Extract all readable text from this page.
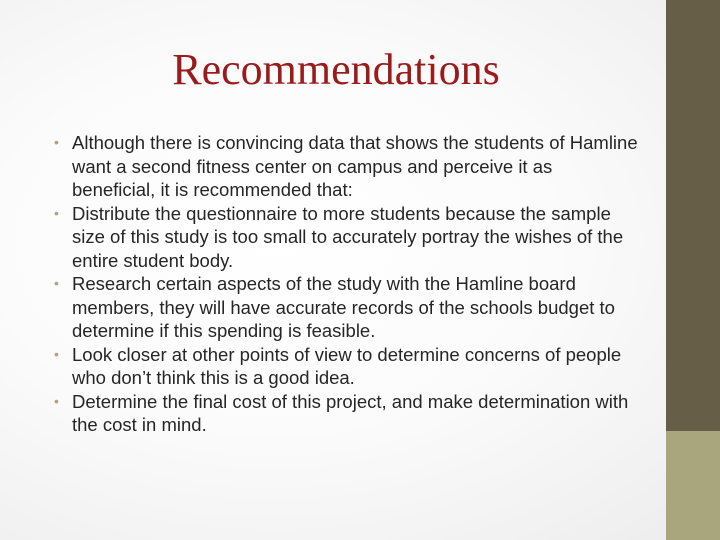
Recommendations
• Although there is convincing data that shows the students of Hamline want a second fitness center on campus and perceive it as beneficial, it is recommended that:
• Distribute the questionnaire to more students because the sample size of this study is too small to accurately portray the wishes of the entire student body.
• Research certain aspects of the study with the Hamline board members, they will have accurate records of the schools budget to determine if this spending is feasible.
• Look closer at other points of view to determine concerns of people who don’t think this is a good idea.
• Determine the final cost of this project, and make determination with the cost in mind.
